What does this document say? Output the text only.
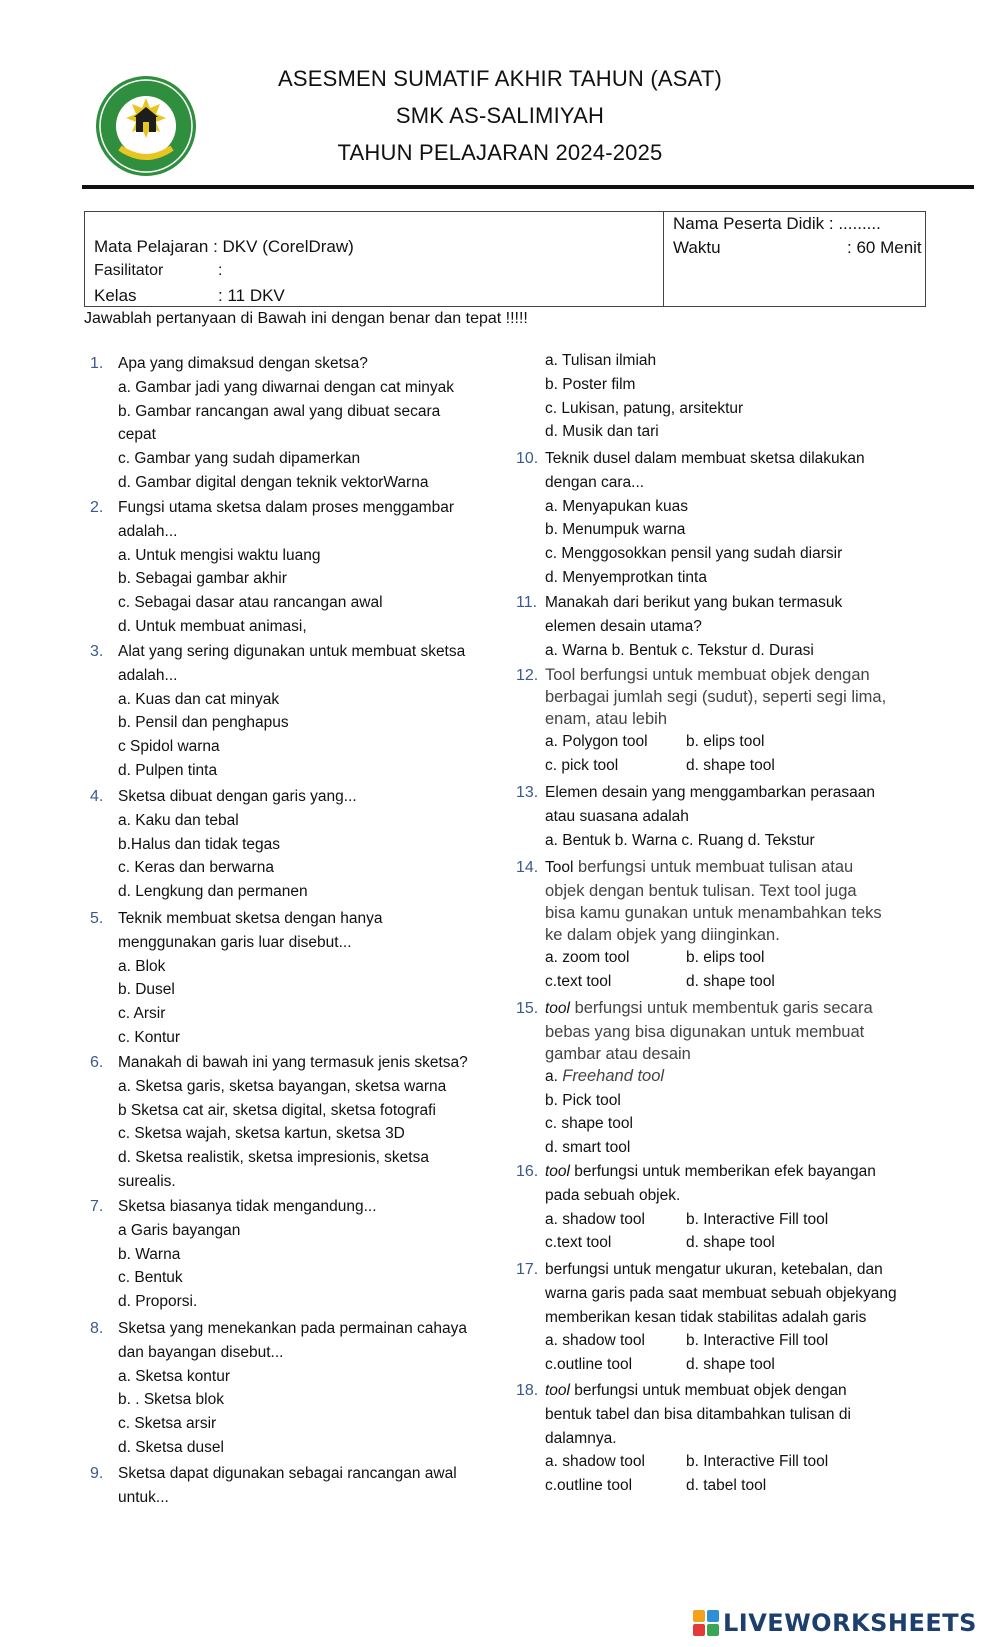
ASESMEN SUMATIF AKHIR TAHUN (ASAT)
SMK AS-SALIMIYAH
TAHUN PELAJARAN 2024-2025
Mata Pelajaran : DKV (CorelDraw)
Fasilitator	:
Kelas	: 11 DKV
Nama Peserta Didik : .........
Waktu	: 60 Menit
Jawablah pertanyaan di Bawah ini dengan benar dan tepat !!!!!
1. Apa yang dimaksud dengan sketsa?
a. Gambar jadi yang diwarnai dengan cat minyak
b. Gambar rancangan awal yang dibuat secara
cepat
c. Gambar yang sudah dipamerkan
d. Gambar digital dengan teknik vektorWarna
2. Fungsi utama sketsa dalam proses menggambar
adalah...
a. Untuk mengisi waktu luang
b. Sebagai gambar akhir
c. Sebagai dasar atau rancangan awal
d. Untuk membuat animasi,
3. Alat yang sering digunakan untuk membuat sketsa
adalah...
a. Kuas dan cat minyak
b. Pensil dan penghapus
c Spidol warna
d. Pulpen tinta
4. Sketsa dibuat dengan garis yang...
a. Kaku dan tebal
b.Halus dan tidak tegas
c. Keras dan berwarna
d. Lengkung dan permanen
5. Teknik membuat sketsa dengan hanya
menggunakan garis luar disebut...
a. Blok
b. Dusel
c. Arsir
c. Kontur
6. Manakah di bawah ini yang termasuk jenis sketsa?
a. Sketsa garis, sketsa bayangan, sketsa warna
b Sketsa cat air, sketsa digital, sketsa fotografi
c. Sketsa wajah, sketsa kartun, sketsa 3D
d. Sketsa realistik, sketsa impresionis, sketsa
surealis.
7. Sketsa biasanya tidak mengandung...
a Garis bayangan
b. Warna
c. Bentuk
d. Proporsi.
8. Sketsa yang menekankan pada permainan cahaya
dan bayangan disebut...
a. Sketsa kontur
b. . Sketsa blok
c. Sketsa arsir
d. Sketsa dusel
9. Sketsa dapat digunakan sebagai rancangan awal
untuk...
a. Tulisan ilmiah
b. Poster film
c. Lukisan, patung, arsitektur
d. Musik dan tari
10. Teknik dusel dalam membuat sketsa dilakukan
dengan cara...
a. Menyapukan kuas
b. Menumpuk warna
c. Menggosokkan pensil yang sudah diarsir
d. Menyemprotkan tinta
11. Manakah dari berikut yang bukan termasuk
elemen desain utama?
a. Warna b. Bentuk c. Tekstur d. Durasi
12. Tool berfungsi untuk membuat objek dengan
berbagai jumlah segi (sudut), seperti segi lima,
enam, atau lebih
a. Polygon tool b. elips tool
c. pick tool	d. shape tool
13. Elemen desain yang menggambarkan perasaan
atau suasana adalah
a. Bentuk b. Warna c. Ruang d. Tekstur
14. Tool berfungsi untuk membuat tulisan atau
objek dengan bentuk tulisan. Text tool juga
bisa kamu gunakan untuk menambahkan teks
ke dalam objek yang diinginkan.
a. zoom tool	b. elips tool
c.text tool	d. shape tool
15. tool berfungsi untuk membentuk garis secara
bebas yang bisa digunakan untuk membuat
gambar atau desain
a. Freehand tool
b. Pick tool
c. shape tool
d. smart tool
16. tool berfungsi untuk memberikan efek bayangan
pada sebuah objek.
a. shadow tool	b. Interactive Fill tool
c.text tool	d. shape tool
17. berfungsi untuk mengatur ukuran, ketebalan, dan
warna garis pada saat membuat sebuah objekyang
memberikan kesan tidak stabilitas adalah garis
a. shadow tool	b. Interactive Fill tool
c.outline tool	d. shape tool
18. tool berfungsi untuk membuat objek dengan
bentuk tabel dan bisa ditambahkan tulisan di
dalamnya.
a. shadow tool	b. Interactive Fill tool
c.outline tool	d. tabel tool
LIVEWORKSHEETS
